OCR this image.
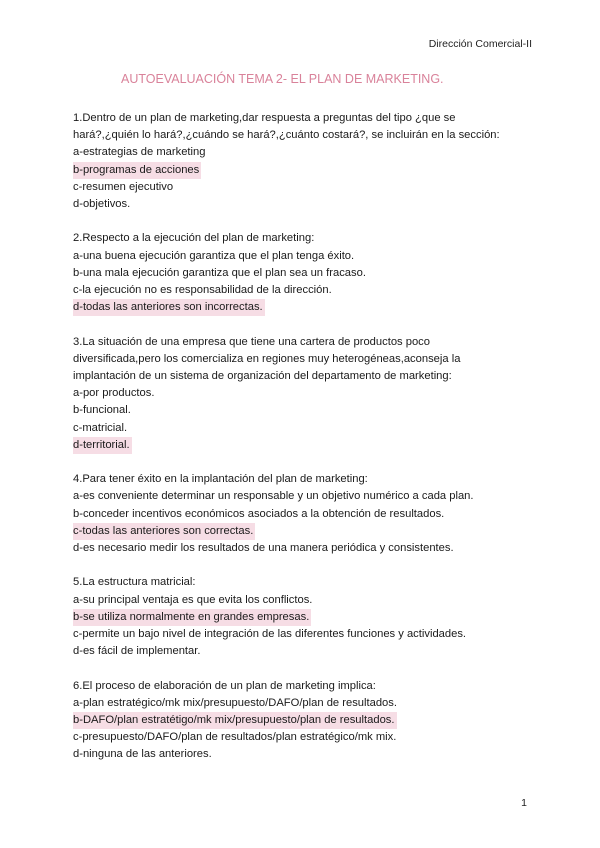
Dirección Comercial-II
AUTOEVALUACIÓN TEMA 2- EL PLAN DE MARKETING.
1.Dentro de un plan de marketing,dar respuesta a preguntas del tipo ¿que se
hará?,¿quién lo hará?,¿cuándo se hará?,¿cuánto costará?, se incluirán en la sección:
a-estrategias de marketing
b-programas de acciones
c-resumen ejecutivo
d-objetivos.
2.Respecto a la ejecución del plan de marketing:
a-una buena ejecución garantiza que el plan tenga éxito.
b-una mala ejecución garantiza que el plan sea un fracaso.
c-la ejecución no es responsabilidad de la dirección.
d-todas las anteriores son incorrectas.
3.La situación de una empresa que tiene una cartera de productos poco
diversificada,pero los comercializa en regiones muy heterogéneas,aconseja la
implantación de un sistema de organización del departamento de marketing:
a-por productos.
b-funcional.
c-matricial.
d-territorial.
4.Para tener éxito en la implantación del plan de marketing:
a-es conveniente determinar un responsable y un objetivo numérico a cada plan.
b-conceder incentivos económicos asociados a la obtención de resultados.
c-todas las anteriores son correctas.
d-es necesario medir los resultados de una manera periódica y consistentes.
5.La estructura matricial:
a-su principal ventaja es que evita los conflictos.
b-se utiliza normalmente en grandes empresas.
c-permite un bajo nivel de integración de las diferentes funciones y actividades.
d-es fácil de implementar.
6.El proceso de elaboración de un plan de marketing implica:
a-plan estratégico/mk mix/presupuesto/DAFO/plan de resultados.
b-DAFO/plan estratétigo/mk mix/presupuesto/plan de resultados.
c-presupuesto/DAFO/plan de resultados/plan estratégico/mk mix.
d-ninguna de las anteriores.
1
